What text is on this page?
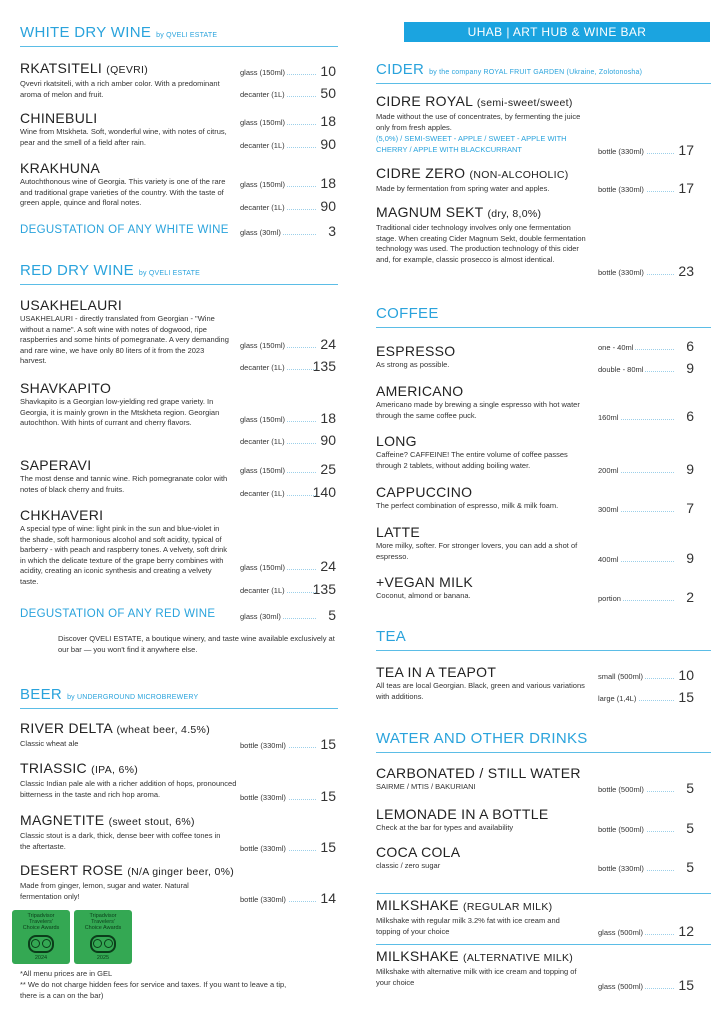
UHAB | ART HUB & WINE BAR
WHITE DRY WINE by QVELI ESTATE
RKATSITELI (QEVRI)
Qvevri rkatsiteli, with a rich amber color. With a predominant aroma of melon and fruit.
glass (150ml)	10
decanter (1L)	50
CHINEBULI
Wine from Mtskheta. Soft, wonderful wine, with notes of citrus, pear and the smell of a field after rain.
glass (150ml)	18
decanter (1L)	90
KRAKHUNA
Autochthonous wine of Georgia. This variety is one of the rare and traditional grape varieties of the country. With the taste of green apple, quince and floral notes.
glass (150ml)	18
decanter (1L)	90
DEGUSTATION OF ANY WHITE WINE	glass (30ml)	3
RED DRY WINE by QVELI ESTATE
USAKHELAURI
USAKHELAURI - directly translated from Georgian - "Wine without a name". A soft wine with notes of dogwood, ripe raspberries and some hints of pomegranate. A very demanding and rare wine, we have only 80 liters of it from the 2023 harvest.
glass (150ml)	24
decanter (1L) 135
SHAVKAPITO
Shavkapito is a Georgian low-yielding red grape variety. In Georgia, it is mainly grown in the Mtskheta region. Georgian autochthon. With hints of currant and cherry flavors.	glass (150ml)	18
decanter (1L)	90
SAPERAVI
The most dense and tannic wine. Rich pomegranate color with notes of black cherry and fruits.
glass (150ml)	25
decanter (1L) 140
CHKHAVERI
A special type of wine: light pink in the sun and blue-violet in the shade, soft harmonious alcohol and soft acidity, typical of barberry - with peach and raspberry tones. A velvety, soft drink in which the delicate texture of the grape berry combines with acidity, creating an iconic synthesis and creating a velvety taste.
glass (150ml)	24
decanter (1L) 135
DEGUSTATION OF ANY RED WINE	glass (30ml)	5
Discover QVELI ESTATE, a boutique winery, and taste wine available exclusively at our bar — you won't find it anywhere else.
BEER by UNDERGROUND MICROBREWERY
RIVER DELTA (wheat beer, 4.5%)
Classic wheat ale	bottle (330ml) 15
TRIASSIC (IPA, 6%)
Classic Indian pale ale with a richer addition of hops, pronounced bitterness in the taste and rich hop aroma.	bottle (330ml) 15
MAGNETITE (sweet stout, 6%)
Classic stout is a dark, thick, dense beer with coffee tones in the aftertaste.	bottle (330ml) 15
DESERT ROSE (N/A ginger beer, 0%)
Made from ginger, lemon, sugar and water. Natural fermentation only!	bottle (330ml) 14
Tripadvisor
Travelers'
Choice Awards
2024
Tripadvisor
Travelers'
Choice Awards
2025
*All menu prices are in GEL
** We do not charge hidden fees for service and taxes. If you want to leave a tip, there is a can on the bar)
CIDER by the company ROYAL FRUIT GARDEN (Ukraine, Zolotonosha)
CIDRE ROYAL (semi-sweet/sweet)
Made without the use of concentrates, by fermenting the juice only from fresh apples.
(5,0%) / SEMI-SWEET - APPLE / SWEET - APPLE WITH CHERRY / APPLE WITH BLACKCURRANT	bottle (330ml) 17
CIDRE ZERO (NON-ALCOHOLIC)
Made by fermentation from spring water and apples.	bottle (330ml) 17
MAGNUM SEKT (dry, 8,0%)
Traditional cider technology involves only one fermentation stage. When creating Cider Magnum Sekt, double fermentation technology was used. The production technology of this cider and, for example, classic prosecco is almost identical.
bottle (330ml) 23
COFFEE
ESPRESSO
As strong as possible.
one - 40ml	6
double - 80ml	9
AMERICANO
Americano made by brewing a single espresso with hot water through the same coffee puck.	160ml	6
LONG
Caffeine? CAFFEINE! The entire volume of coffee passes through 2 tablets, without adding boiling water.
200ml	9
CAPPUCCINO
The perfect combination of espresso, milk & milk foam.	300ml	7
LATTE
More milky, softer. For stronger lovers, you can add a shot of espresso.	400ml	9
+VEGAN MILK
Coconut, almond or banana.	portion	2
TEA
TEA IN A TEAPOT
All teas are local Georgian. Black, green and various variations with additions.
small (500ml)	10
large (1,4L)	15
WATER AND OTHER DRINKS
CARBONATED / STILL WATER
SAIRME / MTIS / BAKURIANI	bottle (500ml)	5
LEMONADE IN A BOTTLE
Check at the bar for types and availability	bottle (500ml)	5
COCA COLA
classic / zero sugar	bottle (330ml)	5
MILKSHAKE (REGULAR MILK)
Milkshake with regular milk 3.2% fat with ice cream and topping of your choice	glass (500ml)	12
MILKSHAKE (ALTERNATIVE MILK)
Milkshake with alternative milk with ice cream and topping of your choice	glass (500ml)	15
